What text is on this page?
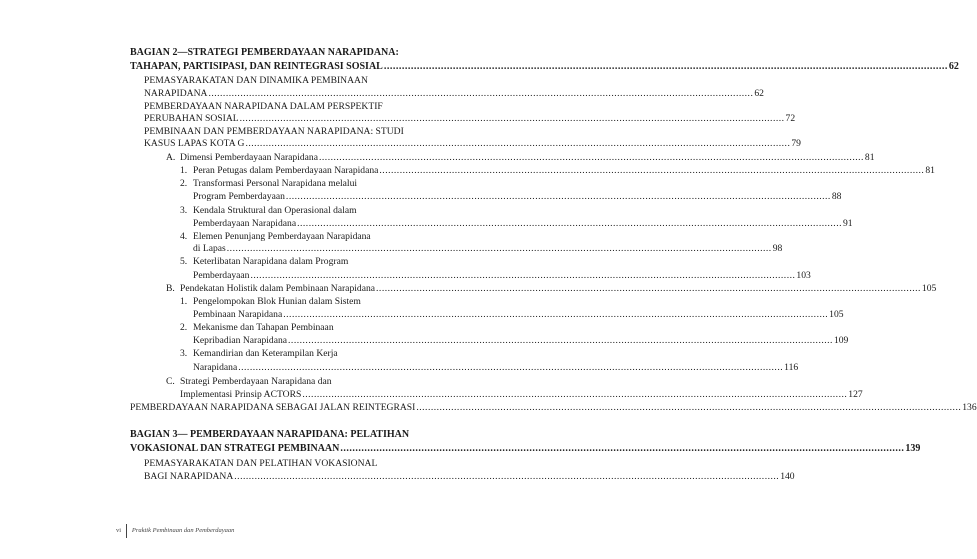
BAGIAN 2—STRATEGI PEMBERDAYAAN NARAPIDANA:
TAHAPAN, PARTISIPASI, DAN REINTEGRASI SOSIAL .....	62
PEMASYARAKATAN DAN DINAMIKA PEMBINAAN
NARAPIDANA .....	62
PEMBERDAYAAN NARAPIDANA DALAM PERSPEKTIF
PERUBAHAN SOSIAL .....	72
PEMBINAAN DAN PEMBERDAYAAN NARAPIDANA: STUDI
KASUS LAPAS KOTA G .....	79
A. Dimensi Pemberdayaan Narapidana .....	81
1. Peran Petugas dalam Pemberdayaan Narapidana .....	81
2. Transformasi Personal Narapidana melalui
Program Pemberdayaan .....	88
3. Kendala Struktural dan Operasional dalam
Pemberdayaan Narapidana .....	91
4. Elemen Penunjang Pemberdayaan Narapidana
di Lapas .....	98
5. Keterlibatan Narapidana dalam Program
Pemberdayaan .....	103
B. Pendekatan Holistik dalam Pembinaan Narapidana .....	105
1. Pengelompokan Blok Hunian dalam Sistem
Pembinaan Narapidana .....	105
2. Mekanisme dan Tahapan Pembinaan
Kepribadian Narapidana .....	109
3. Kemandirian dan Keterampilan Kerja
Narapidana .....	116
C. Strategi Pemberdayaan Narapidana dan
Implementasi Prinsip ACTORS .....	127
PEMBERDAYAAN NARAPIDANA SEBAGAI JALAN REINTEGRASI .....	136
BAGIAN 3— PEMBERDAYAAN NARAPIDANA: PELATIHAN
VOKASIONAL DAN STRATEGI PEMBINAAN .....	139
PEMASYARAKATAN DAN PELATIHAN VOKASIONAL
BAGI NARAPIDANA .....	140
vi Praktik Pembinaan dan Pemberdayaan
